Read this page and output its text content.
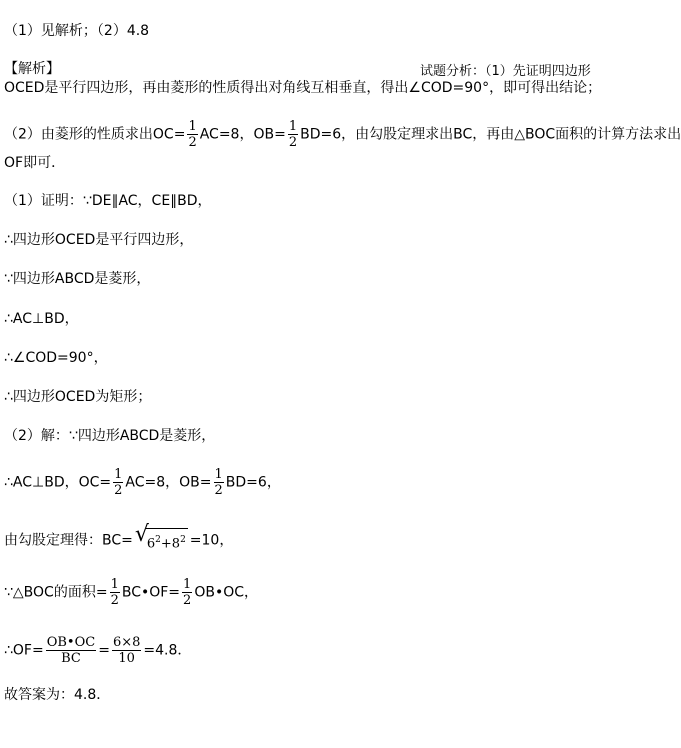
（1）见解析；（2）4.8
【解析】	试题分析：（1）先证明四边形
OCED是平行四边形，再由菱形的性质得出对角线互相垂直，得出∠COD=90°，即可得出结论；
（2）由菱形的性质求出$OC= \frac{1}{2} AC=8$，$OB= \frac{1}{2} BD=6$，由勾股定理求出BC，再由△BOC面积的计算方法求出
OF即可．
（1）证明：∵DE∥AC，CE∥BD，
∴四边形OCED是平行四边形，
∵四边形ABCD是菱形，
∴AC⊥BD，
∴∠COD=90°，
∴四边形OCED为矩形；
（2）解：∵四边形ABCD是菱形，
∴AC⊥BD，$OC= \frac{1}{2} AC=8$，$OB= \frac{1}{2} BD=6$，
由勾股定理得：BC= √
$6^2+8^2 =10$，
∵△BOC的面积= $\frac{1}{2}$ BC•OF= $\frac{1}{2}$ OB•OC，
∴OF= $\frac{OB•OC}{BC} = \frac{6\times 8}{10} =4.8$．
故答案为：4.8．
